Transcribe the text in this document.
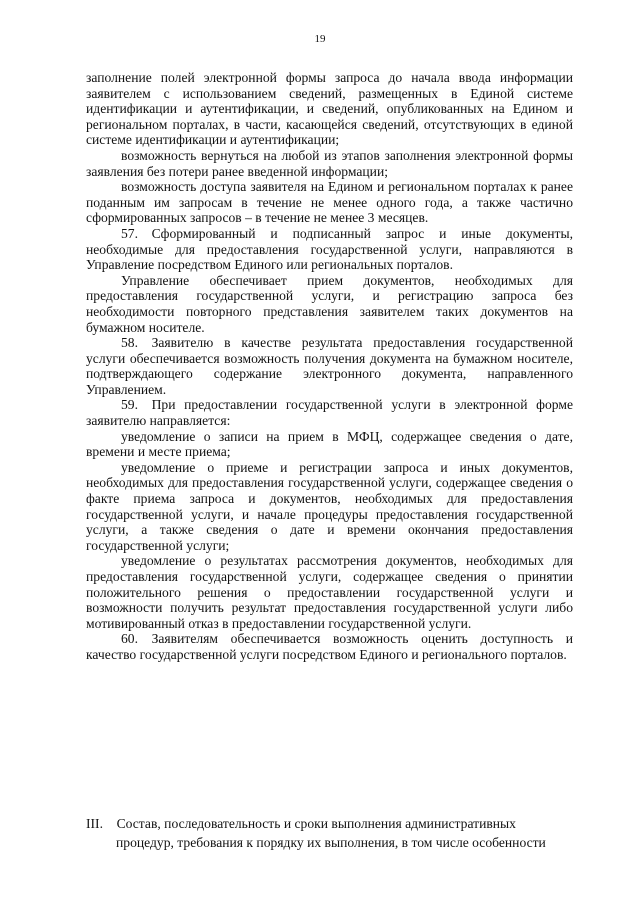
19

заполнение полей электронной формы запроса до начала ввода информации заявителем с использованием сведений, размещенных в Единой системе идентификации и аутентификации, и сведений, опубликованных на Едином и региональном порталах, в части, касающейся сведений, отсутствующих в единой системе идентификации и аутентификации;

возможность вернуться на любой из этапов заполнения электронной формы заявления без потери ранее введенной информации;

возможность доступа заявителя на Едином и региональном порталах к ранее поданным им запросам в течение не менее одного года, а также частично сформированных запросов – в течение не менее 3 месяцев.

57. Сформированный и подписанный запрос и иные документы, необходимые для предоставления государственной услуги, направляются в Управление посредством Единого или региональных порталов.

Управление обеспечивает прием документов, необходимых для предоставления государственной услуги, и регистрацию запроса без необходимости повторного представления заявителем таких документов на бумажном носителе.

58. Заявителю в качестве результата предоставления государственной услуги обеспечивается возможность получения документа на бумажном носителе, подтверждающего содержание электронного документа, направленного Управлением.

59. При предоставлении государственной услуги в электронной форме заявителю направляется:

уведомление о записи на прием в МФЦ, содержащее сведения о дате, времени и месте приема;

уведомление о приеме и регистрации запроса и иных документов, необходимых для предоставления государственной услуги, содержащее сведения о факте приема запроса и документов, необходимых для предоставления государственной услуги, и начале процедуры предоставления государственной услуги, а также сведения о дате и времени окончания предоставления государственной услуги;

уведомление о результатах рассмотрения документов, необходимых для предоставления государственной услуги, содержащее сведения о принятии положительного решения о предоставлении государственной услуги и возможности получить результат предоставления государственной услуги либо мотивированный отказ в предоставлении государственной услуги.

60. Заявителям обеспечивается возможность оценить доступность и качество государственной услуги посредством Единого и регионального порталов.

III. Состав, последовательность и сроки выполнения административных

процедур, требования к порядку их выполнения, в том числе особенности
